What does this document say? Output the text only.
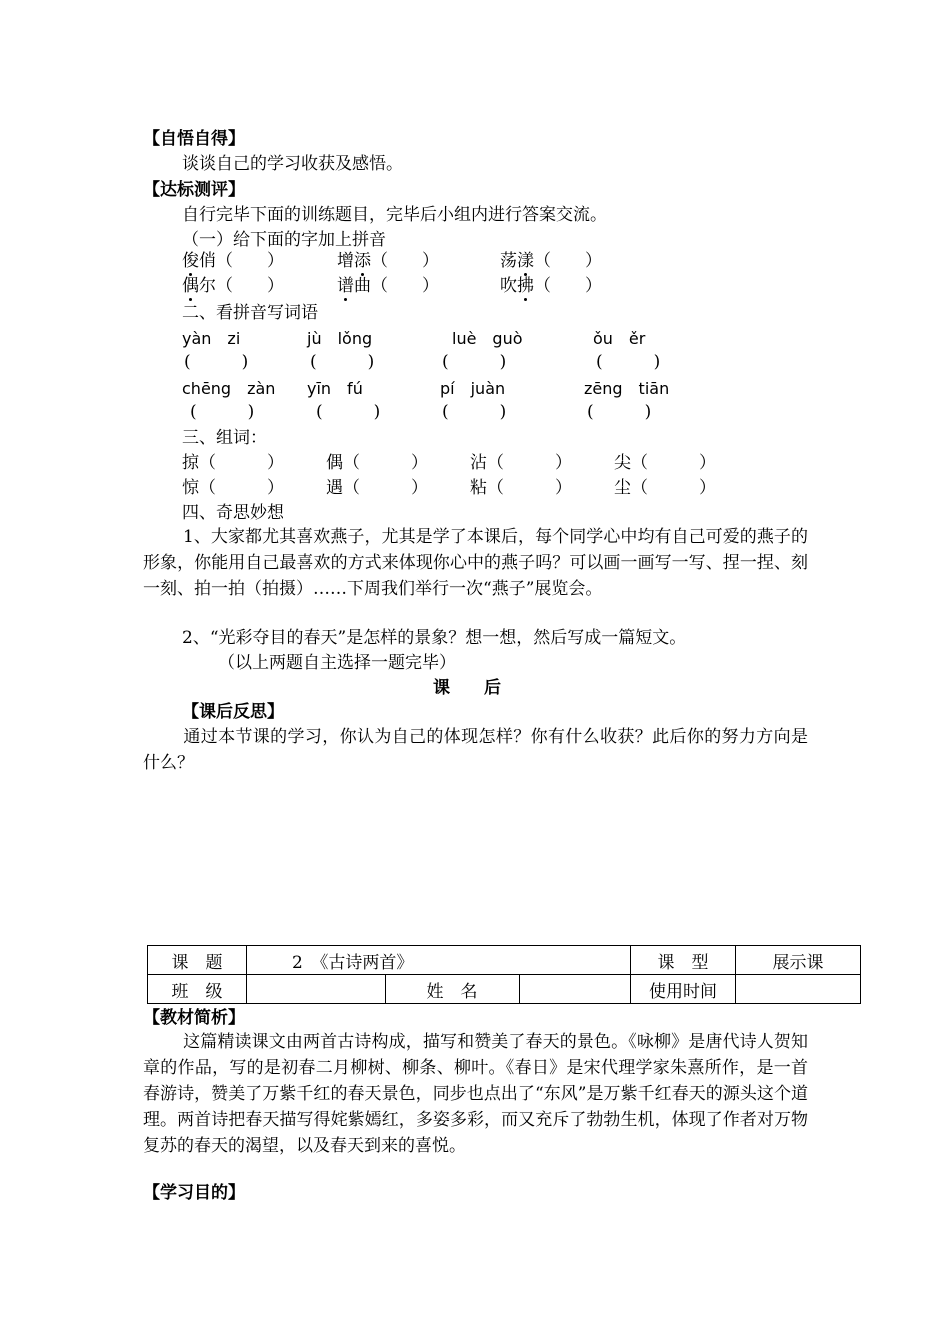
【自悟自得】
谈谈自己的学习收获及感悟。
【达标测评】
自行完毕下面的训练题目，完毕后小组内进行答案交流。
（一）给下面的字加上拼音
俊俏（　　）	增添（　　）	荡漾（　　）
偶尔（　　）	谱曲（　　）	吹拂（　　）
二、看拼音写词语
yàn　zi	jù　lǒng	luè　guò	ǒu　ěr
(　　　)	(　　　)	(　　　)	(　　　)
chēng　zàn yīn　fú	pí　juàn	zēng　tiān
(　　　)	(　　　)	(　　　)	(　　　)
三、组词：
掠（　　　） 偶（　　　） 沾（　　　） 尖（　　　）
惊（　　　） 遇（　　　） 粘（　　　） 尘（　　　）
四、奇思妙想
1、大家都尤其喜欢燕子，尤其是学了本课后，每个同学心中均有自己可爱的燕子的形象，你能用自己最喜欢的方式来体现你心中的燕子吗？可以画一画写一写、捏一捏、刻一刻、拍一拍（拍摄）……下周我们举行一次“燕子”展览会。
2、“光彩夺目的春天”是怎样的景象？想一想，然后写成一篇短文。
（以上两题自主选择一题完毕）
课　　后
【课后反思】
通过本节课的学习，你认为自己的体现怎样？你有什么收获？此后你的努力方向是什么？
课　题	2　《古诗两首》			课　型	展示课
班　级		姓　名		使用时间	
【教材简析】
这篇精读课文由两首古诗构成，描写和赞美了春天的景色。《咏柳》是唐代诗人贺知章的作品，写的是初春二月柳树、柳条、柳叶。《春日》是宋代理学家朱熹所作，是一首春游诗，赞美了万紫千红的春天景色，同步也点出了“东风”是万紫千红春天的源头这个道理。两首诗把春天描写得姹紫嫣红，多姿多彩，而又充斥了勃勃生机，体现了作者对万物复苏的春天的渴望，以及春天到来的喜悦。
【学习目的】
